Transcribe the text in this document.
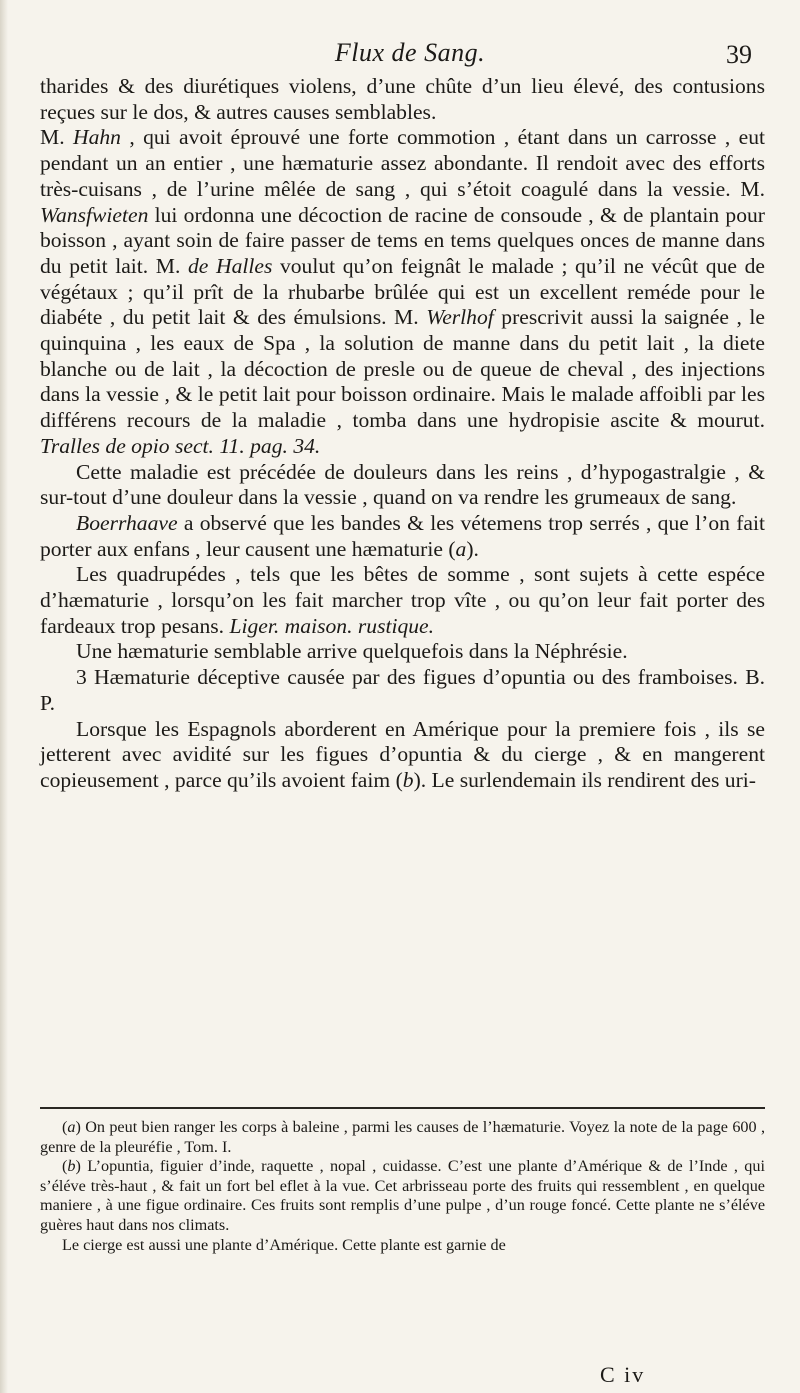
Flux de Sang.	39

tharides & des diurétiques violens, d’une chûte d’un lieu élevé, des contusions reçues sur le dos, & autres causes semblables.

M. Hahn , qui avoit éprouvé une forte commotion , étant dans un carrosse , eut pendant un an entier , une hæmaturie assez abondante. Il rendoit avec des efforts très-cuisans , de l’urine mêlée de sang , qui s’étoit coagulé dans la vessie. M. Wansfwieten lui ordonna une décoction de racine de consoude , & de plantain pour boisson , ayant soin de faire passer de tems en tems quelques onces de manne dans du petit lait. M. de Halles voulut qu’on feignât le malade ; qu’il ne vécût que de végétaux ; qu’il prît de la rhubarbe brûlée qui est un excellent reméde pour le diabéte , du petit lait & des émulsions. M. Werlhof prescrivit aussi la saignée , le quinquina , les eaux de Spa , la solution de manne dans du petit lait , la diete blanche ou de lait , la décoction de presle ou de queue de cheval , des injections dans la vessie , & le petit lait pour boisson ordinaire. Mais le malade affoibli par les différens recours de la maladie , tomba dans une hydropisie ascite & mourut. Tralles de opio sect. 11. pag. 34.

Cette maladie est précédée de douleurs dans les reins , d’hypogastralgie , & sur-tout d’une douleur dans la vessie , quand on va rendre les grumeaux de sang.

Boerrhaave a observé que les bandes & les vétemens trop serrés , que l’on fait porter aux enfans , leur causent une hæmaturie (a).

Les quadrupédes , tels que les bêtes de somme , sont sujets à cette espéce d’hæmaturie , lorsqu’on les fait marcher trop vîte , ou qu’on leur fait porter des fardeaux trop pesans. Liger. maison. rustique.

Une hæmaturie semblable arrive quelquefois dans la Néphrésie.

3 Hæmaturie déceptive causée par des figues d’opuntia ou des framboises. B. P.

Lorsque les Espagnols aborderent en Amérique pour la premiere fois , ils se jetterent avec avidité sur les figues d’opuntia & du cierge , & en mangerent copieusement , parce qu’ils avoient faim (b). Le surlendemain ils rendirent des uri-

(a) On peut bien ranger les corps à baleine , parmi les causes de l’hæmaturie. Voyez la note de la page 600 , genre de la pleuréfie , Tom. I.

(b) L’opuntia, figuier d’inde, raquette , nopal , cuidasse. C’est une plante d’Amérique & de l’Inde , qui s’éléve très-haut , & fait un fort bel eflet à la vue. Cet arbrisseau porte des fruits qui ressemblent , en quelque maniere , à une figue ordinaire. Ces fruits sont remplis d’une pulpe , d’un rouge foncé. Cette plante ne s’éléve guères haut dans nos climats.

Le cierge est aussi une plante d’Amérique. Cette plante est garnie de

C iv
